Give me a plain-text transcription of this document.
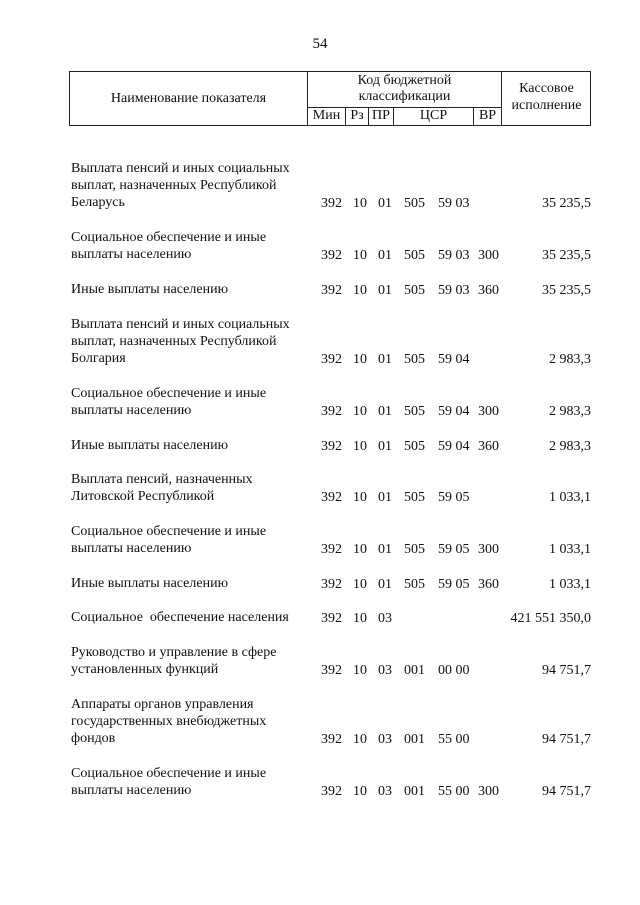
54
Наименование показателя
Код бюджетной
классификации
Мин Рз ПР	ЦСР	ВР
Кассовое
исполнение
Выплата пенсий и иных социальных выплат, назначенных Республикой Беларусь	392 10 01 505 59 03	35 235,5
Социальное обеспечение и иные выплаты населению	392 10 01 505 59 03 300	35 235,5
Иные выплаты населению	392 10 01 505 59 03 360	35 235,5
Выплата пенсий и иных социальных выплат, назначенных Республикой Болгария	392 10 01 505 59 04	2 983,3
Социальное обеспечение и иные выплаты населению	392 10 01 505 59 04 300	2 983,3
Иные выплаты населению	392 10 01 505 59 04 360	2 983,3
Выплата пенсий, назначенных Литовской Республикой	392 10 01 505 59 05	1 033,1
Социальное обеспечение и иные выплаты населению	392 10 01 505 59 05 300	1 033,1
Иные выплаты населению	392 10 01 505 59 05 360	1 033,1
Социальное  обеспечение населения	392 10 03	421 551 350,0
Руководство и управление в сфере установленных функций	392 10 03 001 00 00	94 751,7
Аппараты органов управления государственных внебюджетных фондов	392 10 03 001 55 00	94 751,7
Социальное обеспечение и иные выплаты населению	392 10 03 001 55 00 300	94 751,7
